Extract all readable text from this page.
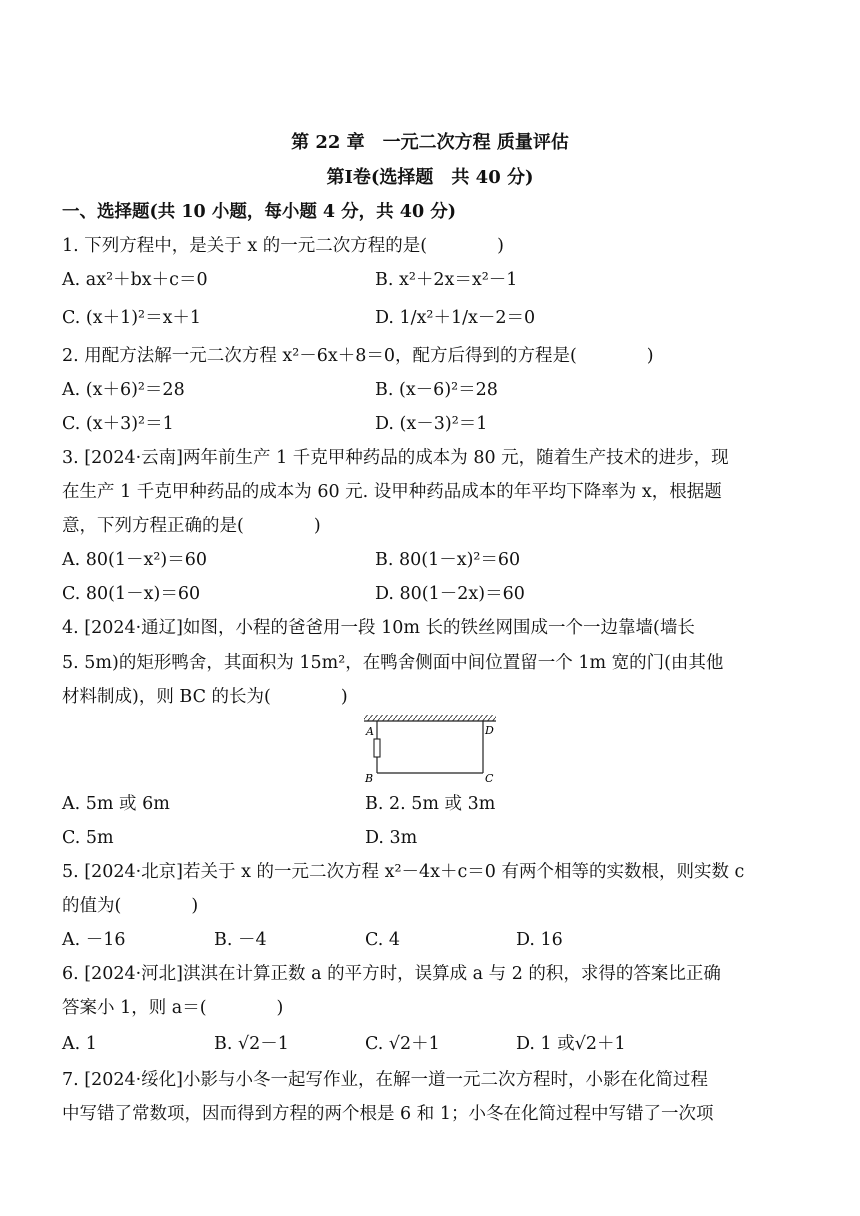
第 22 章　一元二次方程 质量评估
第Ⅰ卷(选择题　共 40 分)
一、选择题(共 10 小题，每小题 4 分，共 40 分)
1. 下列方程中，是关于 x 的一元二次方程的是(　　　　)
A. ax²＋bx＋c＝0	B. x²＋2x＝x²－1
C. (x＋1)²＝x＋1	D. 1/x²＋1/x－2＝0
2. 用配方法解一元二次方程 x²－6x＋8＝0，配方后得到的方程是(　　　　)
A. (x＋6)²＝28	B. (x－6)²＝28
C. (x＋3)²＝1	D. (x－3)²＝1
3. [2024·云南]两年前生产 1 千克甲种药品的成本为 80 元，随着生产技术的进步，现
在生产 1 千克甲种药品的成本为 60 元. 设甲种药品成本的年平均下降率为 x，根据题
意，下列方程正确的是(　　　　)
A. 80(1－x²)＝60	B. 80(1－x)²＝60
C. 80(1－x)＝60	D. 80(1－2x)＝60
4. [2024·通辽]如图，小程的爸爸用一段 10m 长的铁丝网围成一个一边靠墙(墙长
5. 5m)的矩形鸭舍，其面积为 15m²，在鸭舍侧面中间位置留一个 1m 宽的门(由其他
材料制成)，则 BC 的长为(　　　　)
A	D
B	C
A. 5m 或 6m	B. 2. 5m 或 3m
C. 5m	D. 3m
5. [2024·北京]若关于 x 的一元二次方程 x²－4x＋c＝0 有两个相等的实数根，则实数 c
的值为(　　　　)
A. －16	B. －4	C. 4	D. 16
6. [2024·河北]淇淇在计算正数 a 的平方时，误算成 a 与 2 的积，求得的答案比正确
答案小 1，则 a＝(　　　　)
A. 1	B. √2－1	C. √2＋1	D. 1 或√2＋1
7. [2024·绥化]小影与小冬一起写作业，在解一道一元二次方程时，小影在化简过程
中写错了常数项，因而得到方程的两个根是 6 和 1；小冬在化简过程中写错了一次项
